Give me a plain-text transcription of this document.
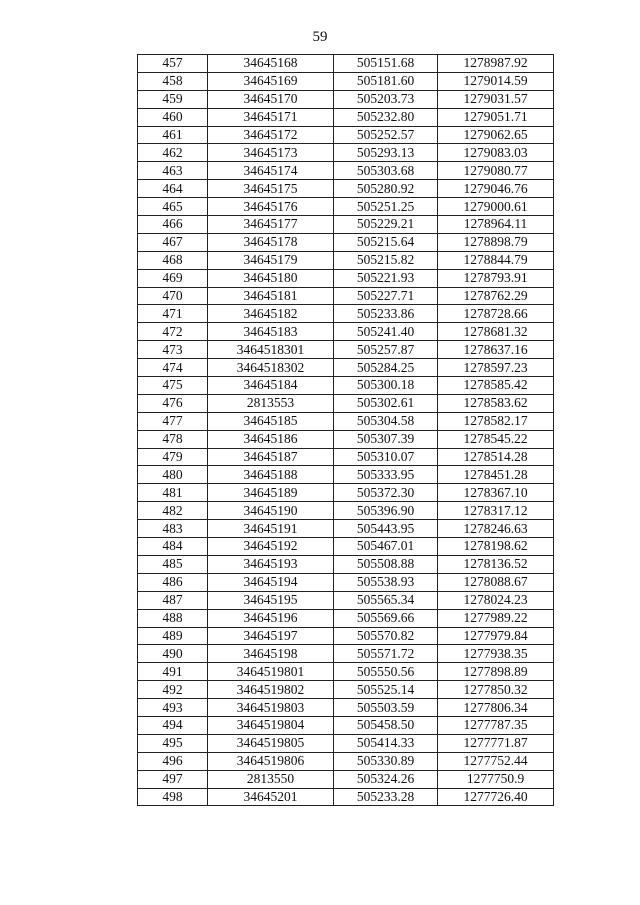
59
457	34645168	505151.68	1278987.92
458	34645169	505181.60	1279014.59
459	34645170	505203.73	1279031.57
460	34645171	505232.80	1279051.71
461	34645172	505252.57	1279062.65
462	34645173	505293.13	1279083.03
463	34645174	505303.68	1279080.77
464	34645175	505280.92	1279046.76
465	34645176	505251.25	1279000.61
466	34645177	505229.21	1278964.11
467	34645178	505215.64	1278898.79
468	34645179	505215.82	1278844.79
469	34645180	505221.93	1278793.91
470	34645181	505227.71	1278762.29
471	34645182	505233.86	1278728.66
472	34645183	505241.40	1278681.32
473	3464518301	505257.87	1278637.16
474	3464518302	505284.25	1278597.23
475	34645184	505300.18	1278585.42
476	2813553	505302.61	1278583.62
477	34645185	505304.58	1278582.17
478	34645186	505307.39	1278545.22
479	34645187	505310.07	1278514.28
480	34645188	505333.95	1278451.28
481	34645189	505372.30	1278367.10
482	34645190	505396.90	1278317.12
483	34645191	505443.95	1278246.63
484	34645192	505467.01	1278198.62
485	34645193	505508.88	1278136.52
486	34645194	505538.93	1278088.67
487	34645195	505565.34	1278024.23
488	34645196	505569.66	1277989.22
489	34645197	505570.82	1277979.84
490	34645198	505571.72	1277938.35
491	3464519801	505550.56	1277898.89
492	3464519802	505525.14	1277850.32
493	3464519803	505503.59	1277806.34
494	3464519804	505458.50	1277787.35
495	3464519805	505414.33	1277771.87
496	3464519806	505330.89	1277752.44
497	2813550	505324.26	1277750.9
498	34645201	505233.28	1277726.40
